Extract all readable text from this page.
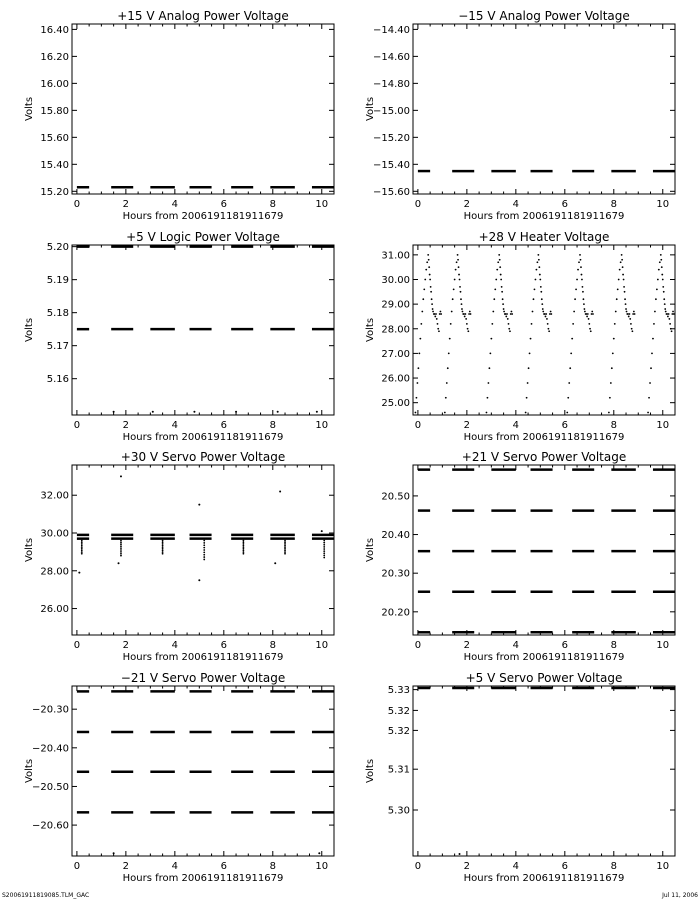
S20061911819085.TLM_GAC	Jul 11, 2006
+15 V Analog Power Voltage
0	2	4	6	8	10
15.20
15.40
15.60
15.80
16.00
16.20
16.40
Hours from 2006191181911679
Volts
−15 V Analog Power Voltage
0	2	4	6	8	10
−15.60
−15.40
−15.20
−15.00
−14.80
−14.60
−14.40
Hours from 2006191181911679
Volts
+5 V Logic Power Voltage
0	2	4	6	8	10
5.16
5.17
5.18
5.19
5.20
Hours from 2006191181911679
Volts
+28 V Heater Voltage
0	2	4	6	8	10
25.00
26.00
27.00
28.00
29.00
30.00
31.00
Hours from 2006191181911679
Volts
+30 V Servo Power Voltage
0	2	4	6	8	10
26.00
28.00
30.00
32.00
Hours from 2006191181911679
Volts
+21 V Servo Power Voltage
0	2	4	6	8	10
20.20
20.30
20.40
20.50
Hours from 2006191181911679
Volts
−21 V Servo Power Voltage
0	2	4	6	8	10
−20.60
−20.50
−20.40
−20.30
Hours from 2006191181911679
Volts
+5 V Servo Power Voltage
0	2	4	6	8	10
5.30
5.31
5.32
5.32
5.33
Hours from 2006191181911679
Volts
